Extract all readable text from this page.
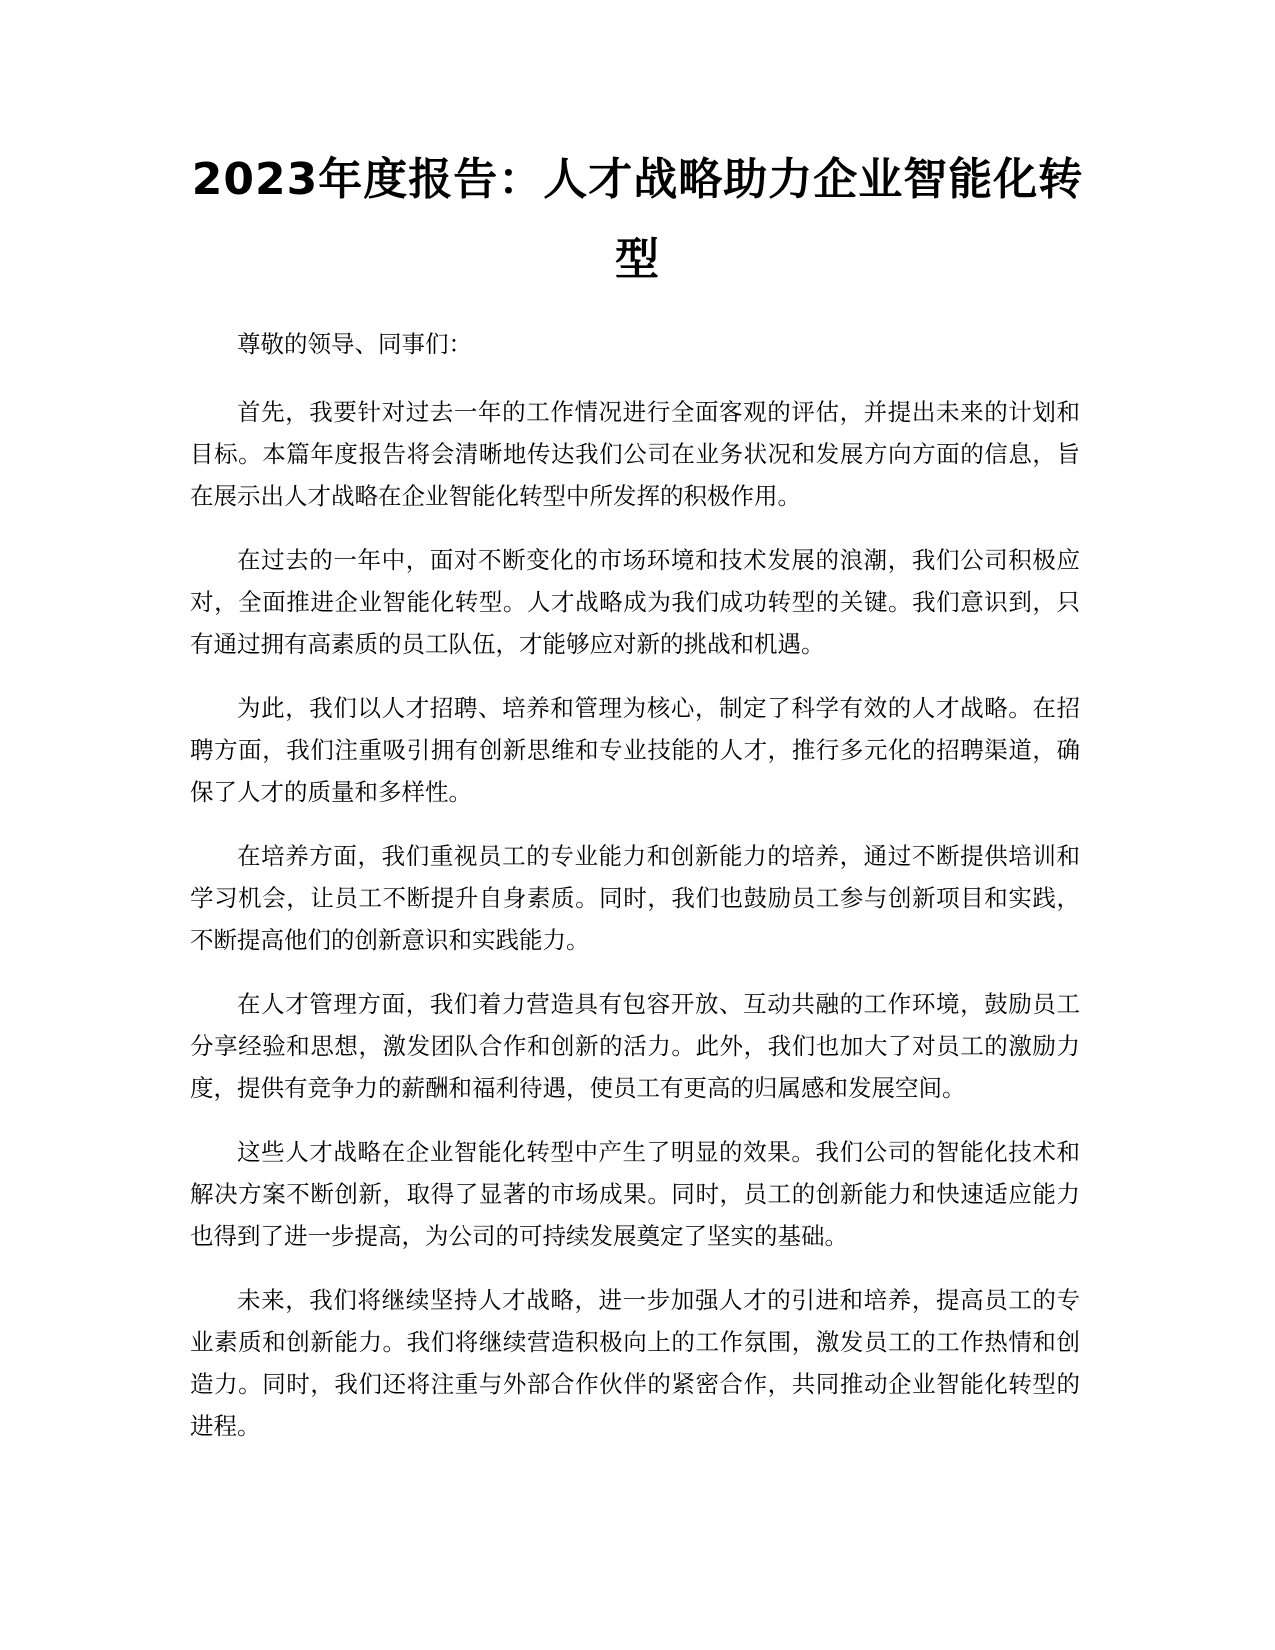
2023年度报告：人才战略助力企业智能化转型

尊敬的领导、同事们：

首先，我要针对过去一年的工作情况进行全面客观的评估，并提出未来的计划和目标。本篇年度报告将会清晰地传达我们公司在业务状况和发展方向方面的信息，旨在展示出人才战略在企业智能化转型中所发挥的积极作用。

在过去的一年中，面对不断变化的市场环境和技术发展的浪潮，我们公司积极应对，全面推进企业智能化转型。人才战略成为我们成功转型的关键。我们意识到，只有通过拥有高素质的员工队伍，才能够应对新的挑战和机遇。

为此，我们以人才招聘、培养和管理为核心，制定了科学有效的人才战略。在招聘方面，我们注重吸引拥有创新思维和专业技能的人才，推行多元化的招聘渠道，确保了人才的质量和多样性。

在培养方面，我们重视员工的专业能力和创新能力的培养，通过不断提供培训和学习机会，让员工不断提升自身素质。同时，我们也鼓励员工参与创新项目和实践，不断提高他们的创新意识和实践能力。

在人才管理方面，我们着力营造具有包容开放、互动共融的工作环境，鼓励员工分享经验和思想，激发团队合作和创新的活力。此外，我们也加大了对员工的激励力度，提供有竞争力的薪酬和福利待遇，使员工有更高的归属感和发展空间。

这些人才战略在企业智能化转型中产生了明显的效果。我们公司的智能化技术和解决方案不断创新，取得了显著的市场成果。同时，员工的创新能力和快速适应能力也得到了进一步提高，为公司的可持续发展奠定了坚实的基础。

未来，我们将继续坚持人才战略，进一步加强人才的引进和培养，提高员工的专业素质和创新能力。我们将继续营造积极向上的工作氛围，激发员工的工作热情和创造力。同时，我们还将注重与外部合作伙伴的紧密合作，共同推动企业智能化转型的进程。
